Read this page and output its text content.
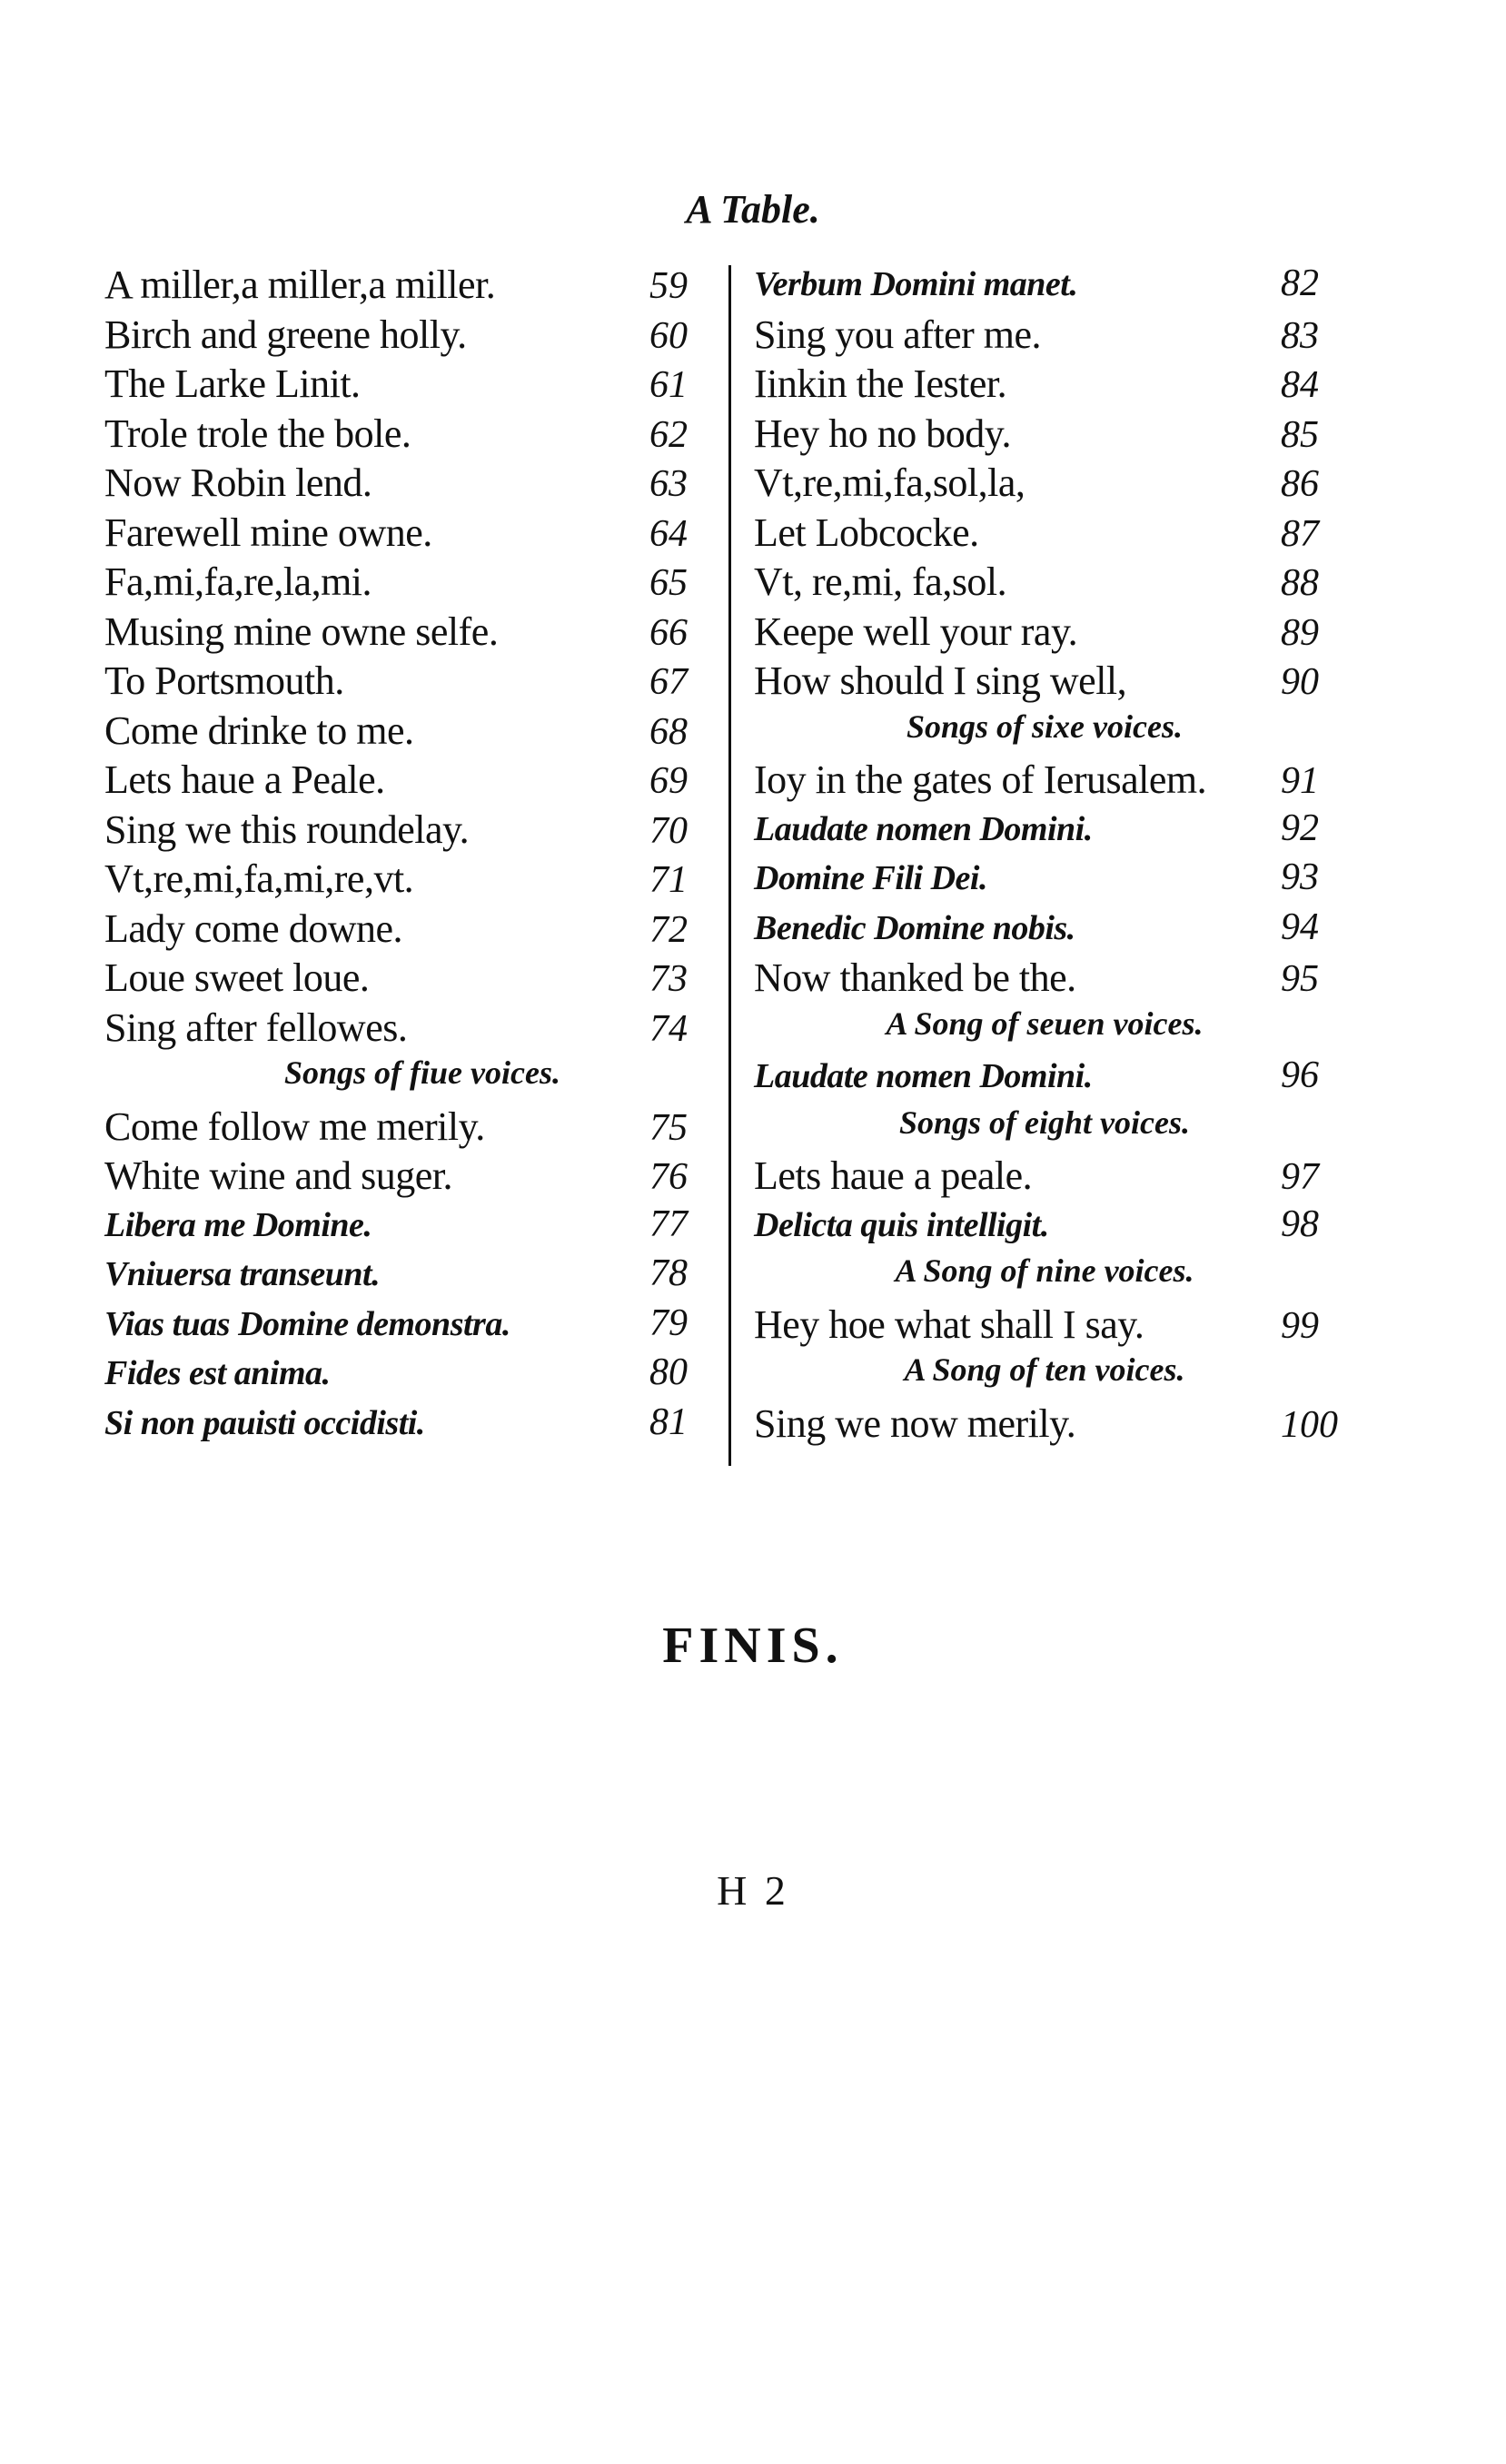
A Table.
A miller,a miller,a miller.	59
Birch and greene holly.	60
The Larke Linit.	61
Trole trole the bole.	62
Now Robin lend.	63
Farewell mine owne.	64
Fa,mi,fa,re,la,mi.	65
Musing mine owne selfe.	66
To Portsmouth.	67
Come drinke to me.	68
Lets haue a Peale.	69
Sing we this roundelay.	70
Vt,re,mi,fa,mi,re,vt.	71
Lady come downe.	72
Loue sweet loue.	73
Sing after fellowes.	74
Songs of fiue voices.
Come follow me merily.	75
White wine and suger.	76
Libera me Domine.	77
Vniuersa transeunt.	78
Vias tuas Domine demonstra.	79
Fides est anima.	80
Si non pauisti occidisti.	81
Verbum Domini manet.	82
Sing you after me.	83
Iinkin the Iester.	84
Hey ho no body.	85
Vt,re,mi,fa,sol,la,	86
Let Lobcocke.	87
Vt, re,mi, fa,sol.	88
Keepe well your ray.	89
How should I sing well,	90
Songs of sixe voices.
Ioy in the gates of Ierusalem.	91
Laudate nomen Domini.	92
Domine Fili Dei.	93
Benedic Domine nobis.	94
Now thanked be the.	95
A Song of seuen voices.
Laudate nomen Domini.	96
Songs of eight voices.
Lets haue a peale.	97
Delicta quis intelligit.	98
A Song of nine voices.
Hey hoe what shall I say.	99
A Song of ten voices.
Sing we now merily.	100
FINIS.
H 2
